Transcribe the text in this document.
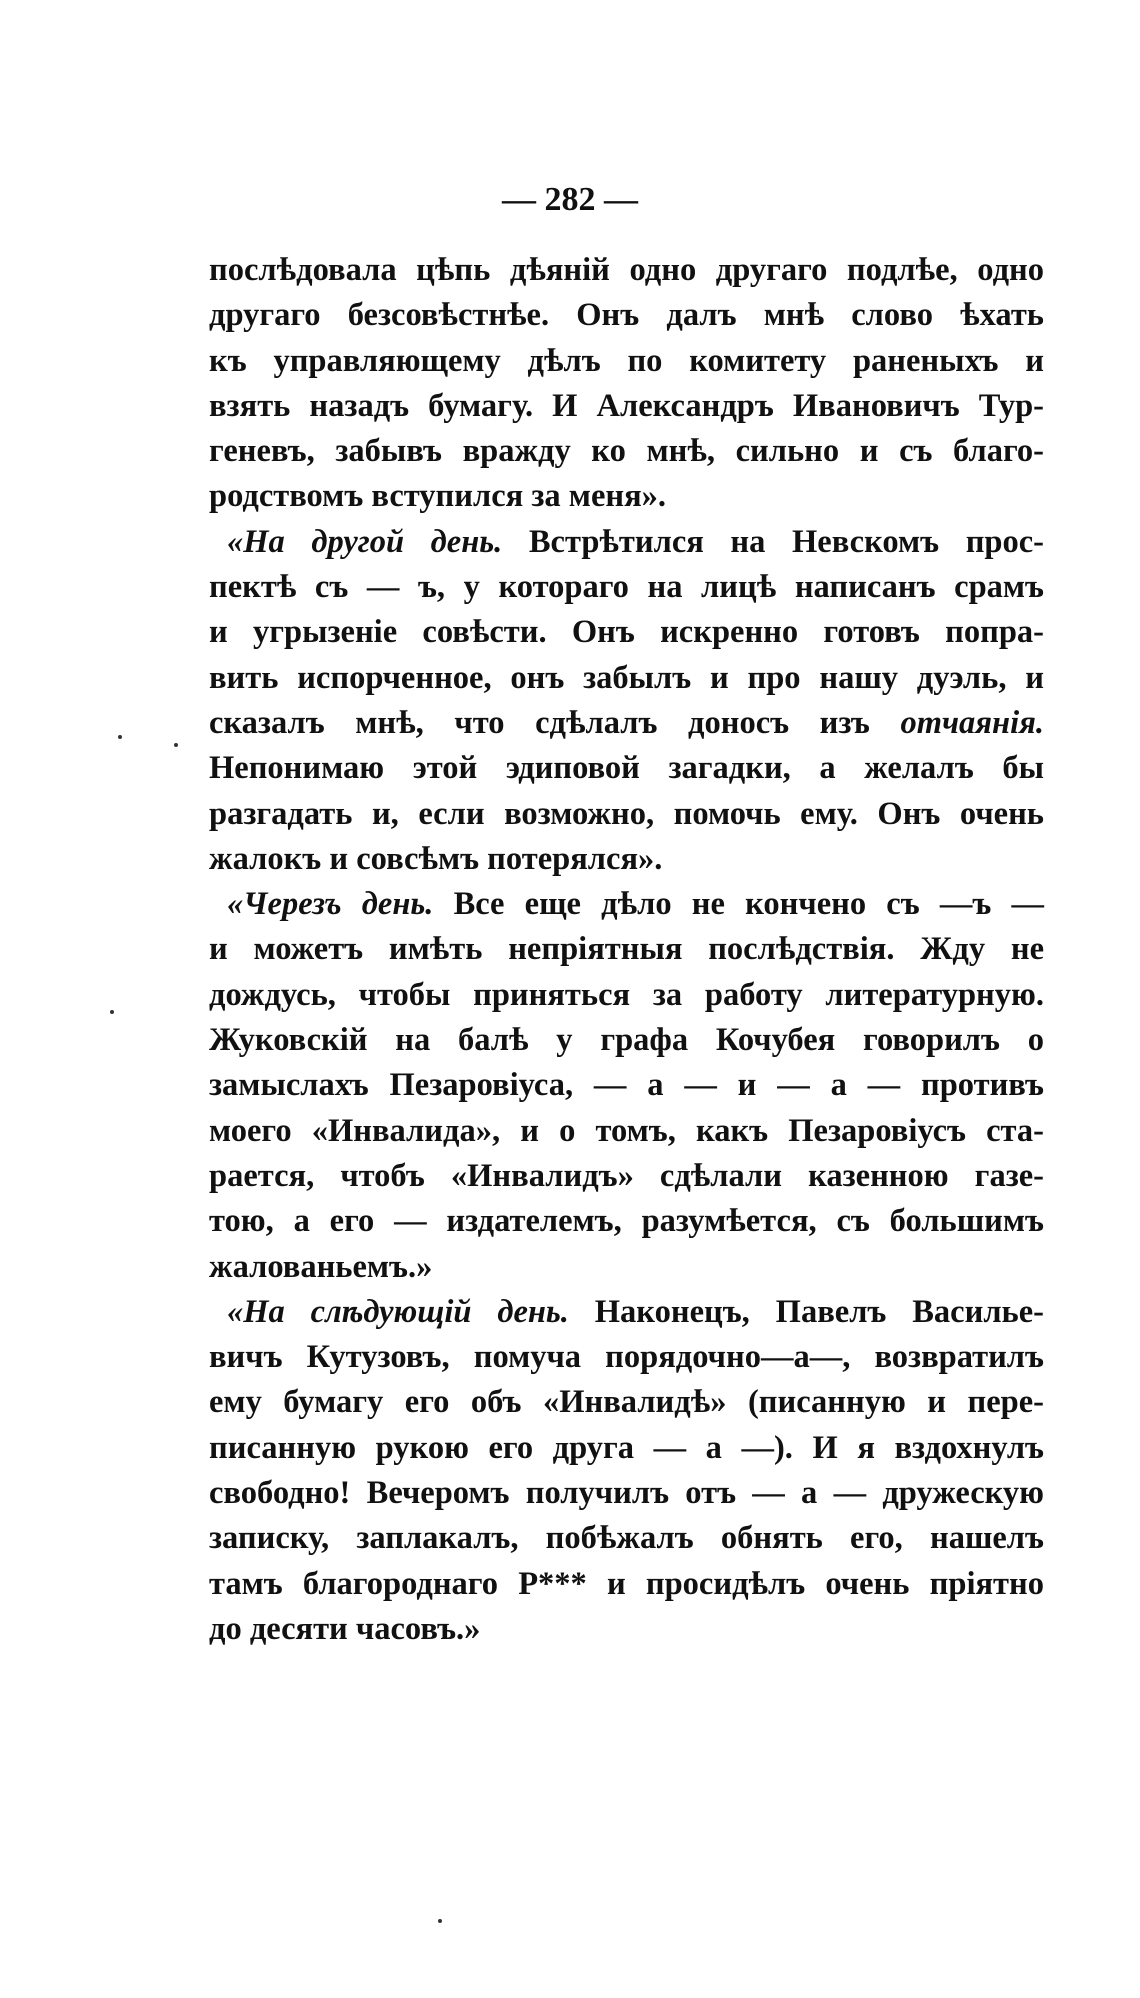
— 282 —
послѣдовала цѣпь дѣяній одно другаго подлѣе, одно
другаго безсовѣстнѣе. Онъ далъ мнѣ слово ѣхать
къ управляющему дѣлъ по комитету раненыхъ и
взять назадъ бумагу. И Александръ Ивановичъ Тур-
геневъ, забывъ вражду ко мнѣ, сильно и съ благо-
родствомъ вступился за меня».
«На другой день. Встрѣтился на Невскомъ прос-
пектѣ съ — ъ, у котораго на лицѣ написанъ срамъ
и угрызеніе совѣсти. Онъ искренно готовъ попра-
вить испорченное, онъ забылъ и про нашу дуэль, и
сказалъ мнѣ, что сдѣлалъ доносъ изъ отчаянія.
Непонимаю этой эдиповой загадки, а желалъ бы
разгадать и, если возможно, помочь ему. Онъ очень
жалокъ и совсѣмъ потерялся».
«Черезъ день. Все еще дѣло не кончено съ —ъ —
и можетъ имѣть непріятныя послѣдствія. Жду не
дождусь, чтобы приняться за работу литературную.
Жуковскій на балѣ у графа Кочубея говорилъ о
замыслахъ Пезаровіуса, — а — и — а — противъ
моего «Инвалида», и о томъ, какъ Пезаровіусъ ста-
рается, чтобъ «Инвалидъ» сдѣлали казенною газе-
тою, а его — издателемъ, разумѣется, съ большимъ
жалованьемъ.»
«На слѣдующій день. Наконецъ, Павелъ Василье-
вичъ Кутузовъ, помуча порядочно—а—, возвратилъ
ему бумагу его объ «Инвалидѣ» (писанную и пере-
писанную рукою его друга — а —). И я вздохнулъ
свободно! Вечеромъ получилъ отъ — а — дружескую
записку, заплакалъ, побѣжалъ обнять его, нашелъ
тамъ благороднаго Р*** и просидѣлъ очень пріятно
до десяти часовъ.»
